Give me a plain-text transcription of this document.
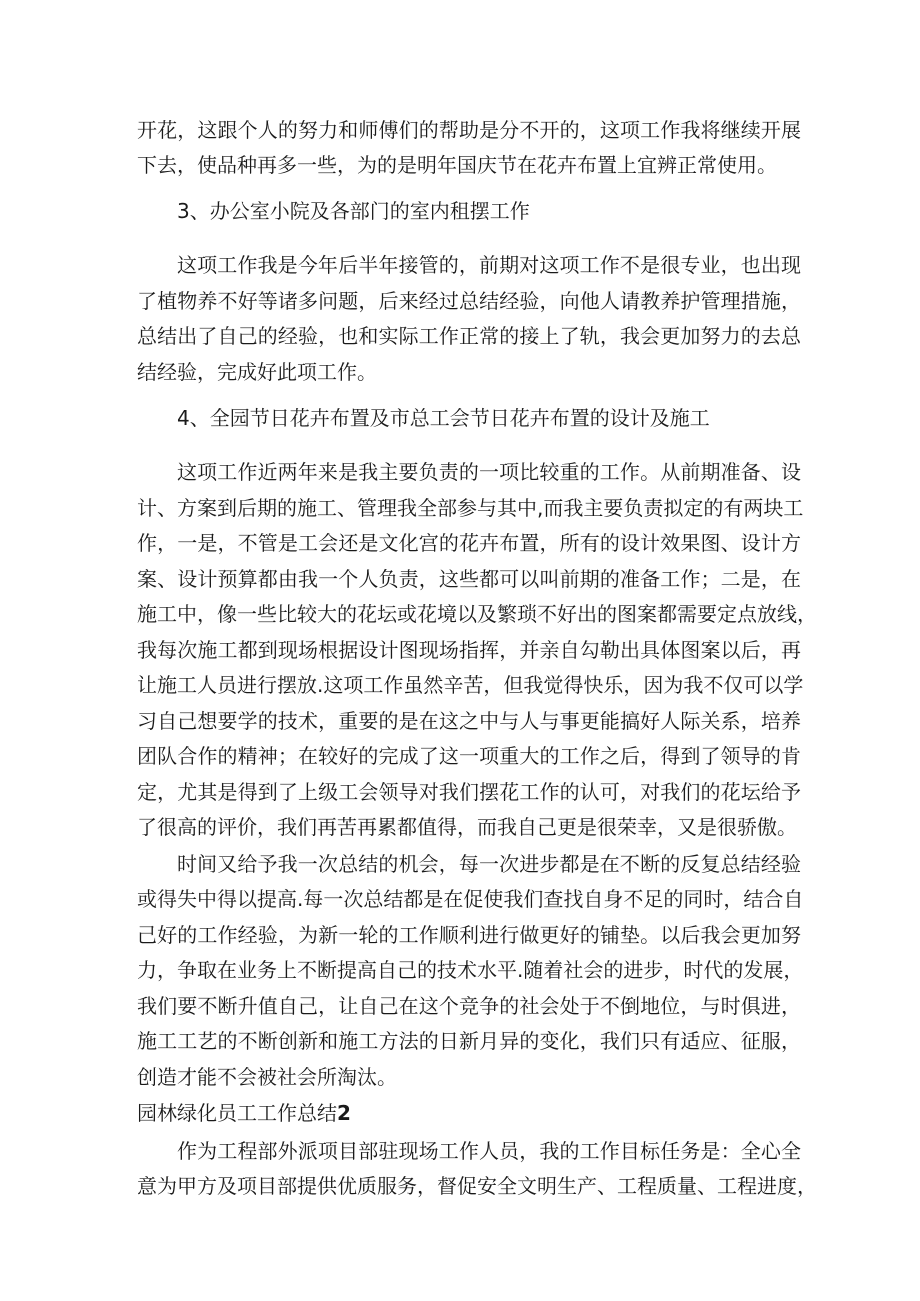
开花，这跟个人的努力和师傅们的帮助是分不开的，这项工作我将继续开展
下去，使品种再多一些，为的是明年国庆节在花卉布置上宜辨正常使用。
3、办公室小院及各部门的室内租摆工作
这项工作我是今年后半年接管的，前期对这项工作不是很专业，也出现
了植物养不好等诸多问题，后来经过总结经验，向他人请教养护管理措施，
总结出了自己的经验，也和实际工作正常的接上了轨，我会更加努力的去总
结经验，完成好此项工作。
4、全园节日花卉布置及市总工会节日花卉布置的设计及施工
这项工作近两年来是我主要负责的一项比较重的工作。从前期准备、设
计、方案到后期的施工、管理我全部参与其中,而我主要负责拟定的有两块工
作，一是，不管是工会还是文化宫的花卉布置，所有的设计效果图、设计方
案、设计预算都由我一个人负责，这些都可以叫前期的准备工作；二是，在
施工中，像一些比较大的花坛或花境以及繁琐不好出的图案都需要定点放线，
我每次施工都到现场根据设计图现场指挥，并亲自勾勒出具体图案以后，再
让施工人员进行摆放.这项工作虽然辛苦，但我觉得快乐，因为我不仅可以学
习自己想要学的技术，重要的是在这之中与人与事更能搞好人际关系，培养
团队合作的精神；在较好的完成了这一项重大的工作之后，得到了领导的肯
定，尤其是得到了上级工会领导对我们摆花工作的认可，对我们的花坛给予
了很高的评价，我们再苦再累都值得，而我自己更是很荣幸，又是很骄傲。
时间又给予我一次总结的机会，每一次进步都是在不断的反复总结经验
或得失中得以提高.每一次总结都是在促使我们查找自身不足的同时，结合自
己好的工作经验，为新一轮的工作顺利进行做更好的铺垫。以后我会更加努
力，争取在业务上不断提高自己的技术水平.随着社会的进步，时代的发展，
我们要不断升值自己，让自己在这个竞争的社会处于不倒地位，与时俱进，
施工工艺的不断创新和施工方法的日新月异的变化，我们只有适应、征服，
创造才能不会被社会所淘汰。
园林绿化员工工作总结2
作为工程部外派项目部驻现场工作人员，我的工作目标任务是：全心全
意为甲方及项目部提供优质服务，督促安全文明生产、工程质量、工程进度，
